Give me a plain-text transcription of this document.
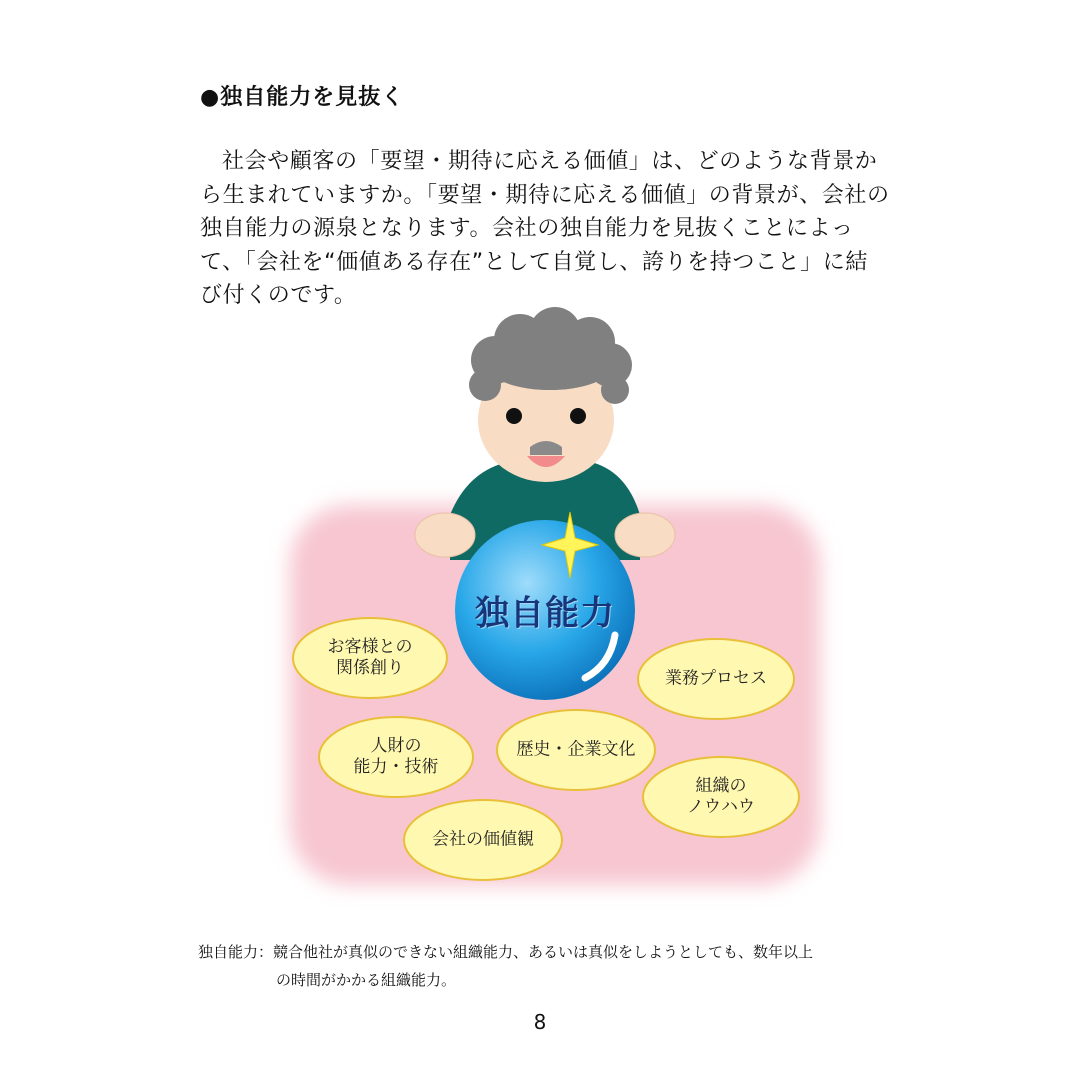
●独自能力を見抜く

社会や顧客の「要望・期待に応える価値」は、どのような背景から生まれていますか。「要望・期待に応える価値」の背景が、会社の独自能力の源泉となります。会社の独自能力を見抜くことによって、「会社を“価値ある存在”として自覚し、誇りを持つこと」に結び付くのです。

独自能力
お客様との
関係創り
業務プロセス
人財の
能力・技術
歴史・企業文化
組織の
ノウハウ
会社の価値観
独自能力：競合他社が真似のできない組織能力、あるいは真似をしようとしても、数年以上
の時間がかかる組織能力。
8
